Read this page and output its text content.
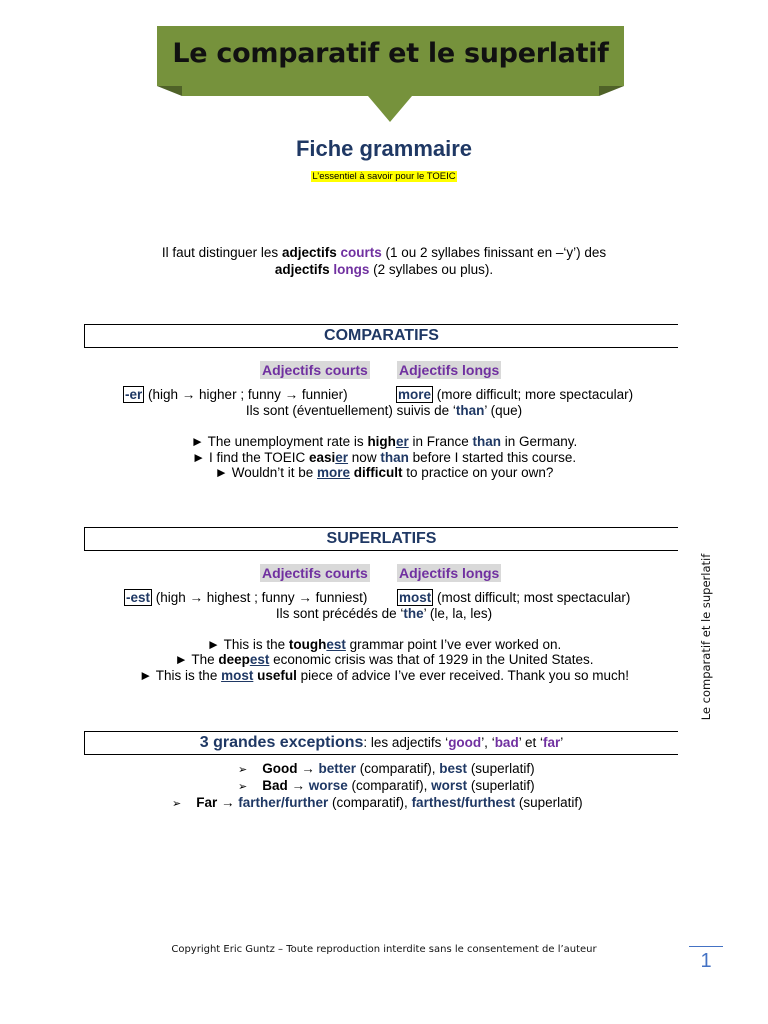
Le comparatif et le superlatif
Fiche grammaire
L’essentiel à savoir pour le TOEIC
Il faut distinguer les adjectifs courts (1 ou 2 syllabes finissant en –‘y’) des
adjectifs longs (2 syllabes ou plus).
COMPARATIFS
Adjectifs courts Adjectifs longs
-er (high → higher ; funny → funnier)	more (more difficult; more spectacular)
Ils sont (éventuellement) suivis de ‘than’ (que)
► The unemployment rate is higher in France than in Germany.
► I find the TOEIC easier now than before I started this course.
► Wouldn’t it be more difficult to practice on your own?
SUPERLATIFS
Adjectifs courts Adjectifs longs
-est (high → highest ; funny → funniest) most (most difficult; most spectacular)
Ils sont précédés de ‘the’ (le, la, les)
► This is the toughest grammar point I’ve ever worked on.
► The deepest economic crisis was that of 1929 in the United States.
► This is the most useful piece of advice I’ve ever received. Thank you so much!
3 grandes exceptions: les adjectifs ‘good’, ‘bad’ et ‘far’
➢ Good → better (comparatif), best (superlatif)
➢ Bad → worse (comparatif), worst (superlatif)
➢ Far → farther/further (comparatif), farthest/furthest (superlatif)
Le comparatif et le superlatif
Copyright Eric Guntz – Toute reproduction interdite sans le consentement de l’auteur
1
